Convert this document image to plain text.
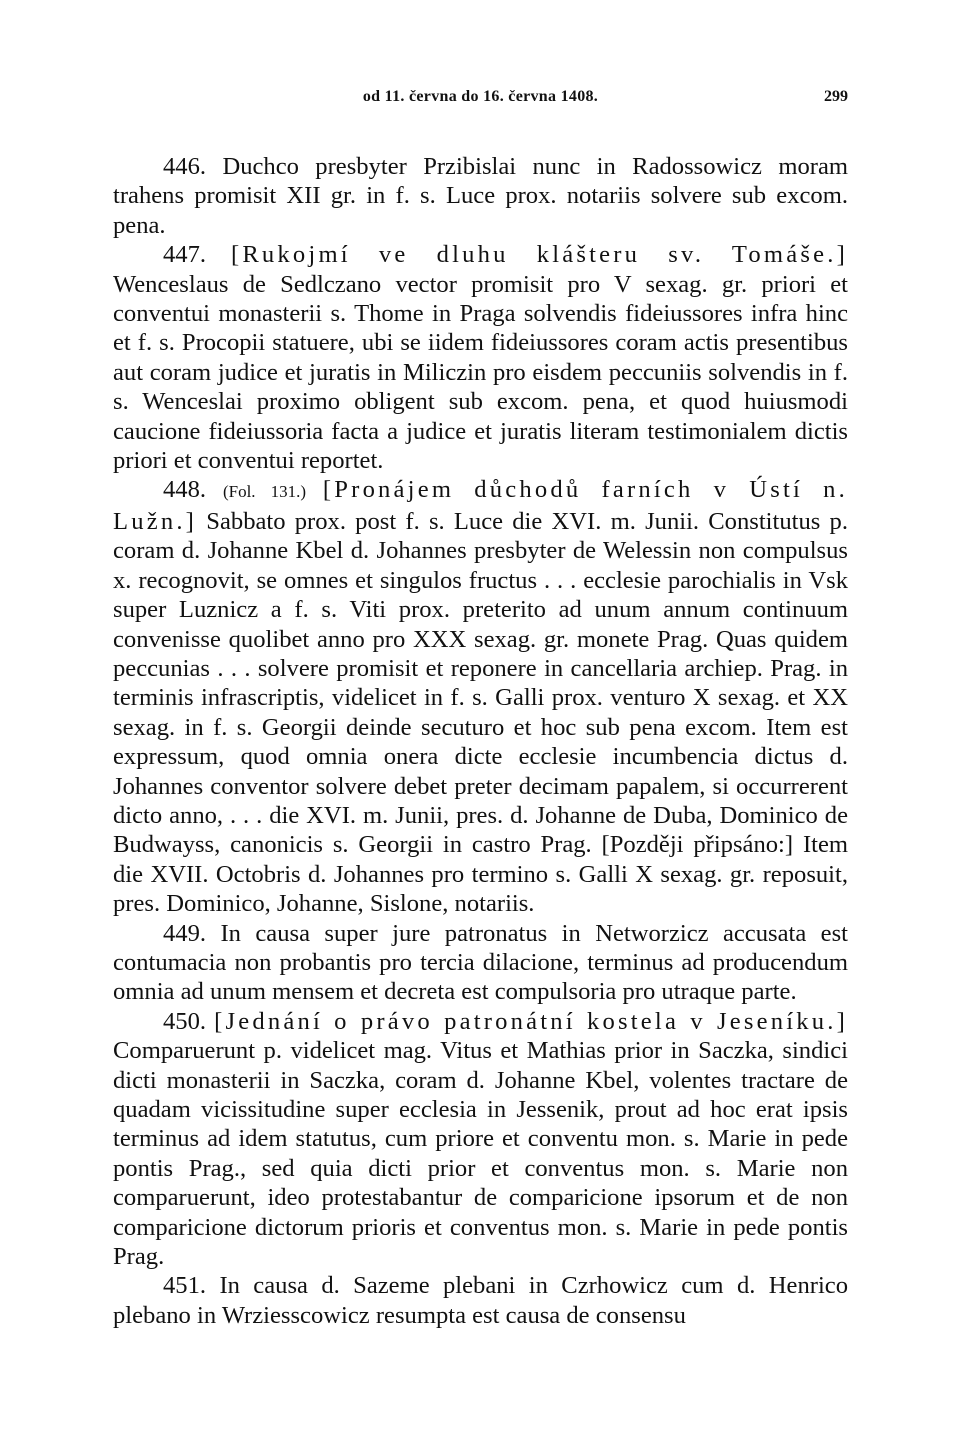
od 11. června do 16. června 1408.	299

446. Duchco presbyter Przibislai nunc in Radossowicz moram trahens promisit XII gr. in f. s. Luce prox. notariis solvere sub excom. pena.

447. [Rukojmí ve dluhu klášteru sv. Tomáše.] Wenceslaus de Sedlczano vector promisit pro V sexag. gr. priori et conventui monasterii s. Thome in Praga solvendis fideiussores infra hinc et f. s. Procopii statuere, ubi se iidem fideiussores coram actis presentibus aut coram judice et juratis in Miliczin pro eisdem peccuniis solvendis in f. s. Wenceslai proximo obligent sub excom. pena, et quod huiusmodi caucione fideiussoria facta a judice et juratis literam testimonialem dictis priori et conventui reportet.

448. (Fol. 131.) [Pronájem důchodů farních v Ústí n. Lužn.] Sabbato prox. post f. s. Luce die XVI. m. Junii. Constitutus p. coram d. Johanne Kbel d. Johannes presbyter de Welessin non compulsus x. recognovit, se omnes et singulos fructus . . . ecclesie parochialis in Vsk super Luznicz a f. s. Viti prox. preterito ad unum annum continuum convenisse quolibet anno pro XXX sexag. gr. monete Prag. Quas quidem peccunias . . . solvere promisit et reponere in cancellaria archiep. Prag. in terminis infrascriptis, videlicet in f. s. Galli prox. venturo X sexag. et XX sexag. in f. s. Georgii deinde secuturo et hoc sub pena excom. Item est expressum, quod omnia onera dicte ecclesie incumbencia dictus d. Johannes conventor solvere debet preter decimam papalem, si occurrerent dicto anno, . . . die XVI. m. Junii, pres. d. Johanne de Duba, Dominico de Budwayss, canonicis s. Georgii in castro Prag. [Později připsáno:] Item die XVII. Octobris d. Johannes pro termino s. Galli X sexag. gr. reposuit, pres. Dominico, Johanne, Sislone, notariis.

449. In causa super jure patronatus in Networzicz accusata est contumacia non probantis pro tercia dilacione, terminus ad producendum omnia ad unum mensem et decreta est compulsoria pro utraque parte.

450. [Jednání o právo patronátní kostela v Jeseníku.] Comparuerunt p. videlicet mag. Vitus et Mathias prior in Saczka, sindici dicti monasterii in Saczka, coram d. Johanne Kbel, volentes tractare de quadam vicissitudine super ecclesia in Jessenik, prout ad hoc erat ipsis terminus ad idem statutus, cum priore et conventu mon. s. Marie in pede pontis Prag., sed quia dicti prior et conventus mon. s. Marie non comparuerunt, ideo protestabantur de comparicione ipsorum et de non comparicione dictorum prioris et conventus mon. s. Marie in pede pontis Prag.

451. In causa d. Sazeme plebani in Czrhowicz cum d. Henrico plebano in Wrziesscowicz resumpta est causa de consensu
